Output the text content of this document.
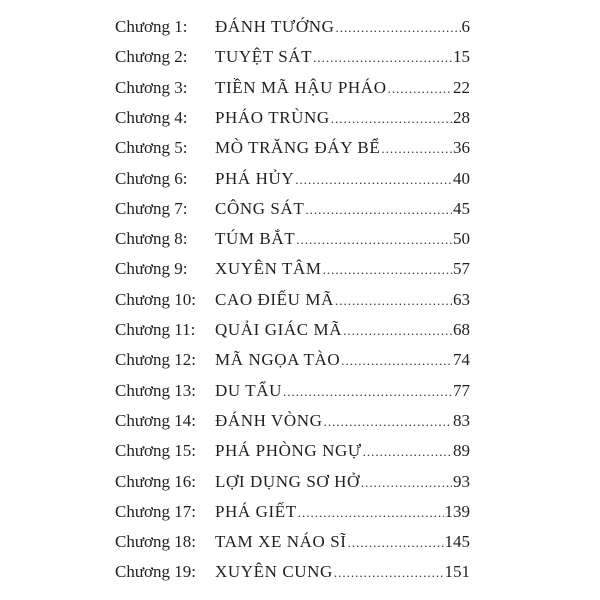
Chương 1: ĐÁNH TƯỚNG .....	6
Chương 2: TUYỆT SÁT .....	15
Chương 3: TIỀN MÃ HẬU PHÁO .....	22
Chương 4: PHÁO TRÙNG .....	28
Chương 5: MÒ TRĂNG ĐÁY BỂ .....	36
Chương 6: PHÁ HỦY .....	40
Chương 7: CÔNG SÁT .....	45
Chương 8: TÚM BẮT .....	50
Chương 9: XUYÊN TÂM .....	57
Chương 10: CAO ĐIẾU MÃ .....	63
Chương 11: QUẢI GIÁC MÃ .....	68
Chương 12: MÃ NGỌA TÀO .....	74
Chương 13: DU TẨU .....	77
Chương 14: ĐÁNH VÒNG .....	83
Chương 15: PHÁ PHÒNG NGỰ .....	89
Chương 16: LỢI DỤNG SƠ HỞ .....	93
Chương 17: PHÁ GIẾT .....	139
Chương 18: TAM XE NÁO SĨ .....	145
Chương 19: XUYÊN CUNG .....	151
